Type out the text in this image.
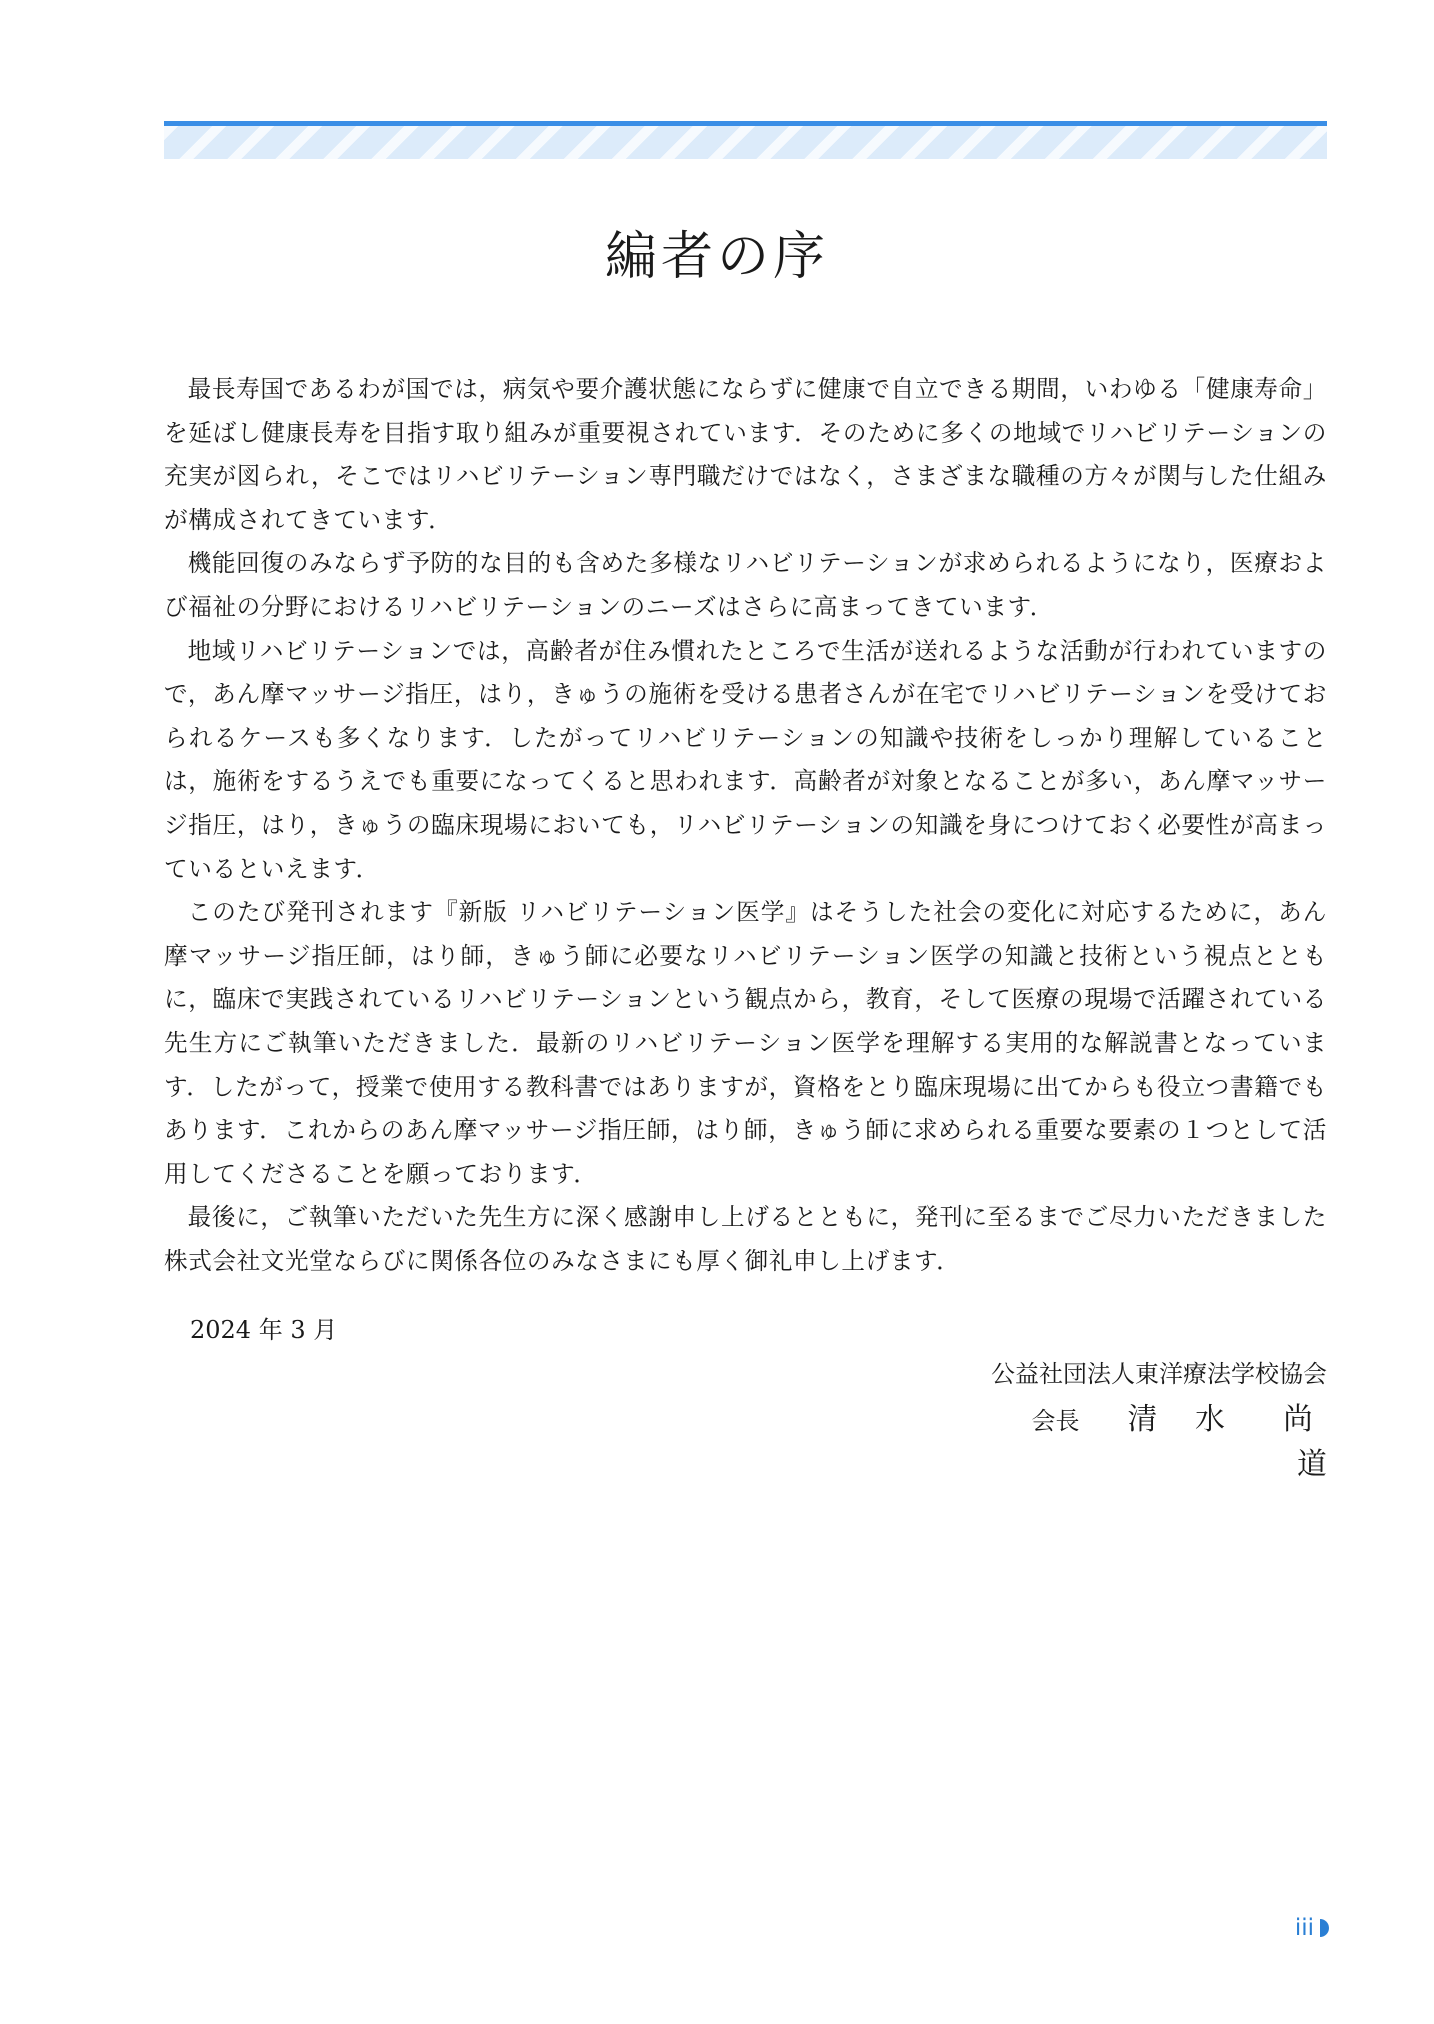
編者の序

最長寿国であるわが国では，病気や要介護状態にならずに健康で自立できる期間，いわゆる「健康寿命」を延ばし健康長寿を目指す取り組みが重要視されています．そのために多くの地域でリハビリテーションの充実が図られ，そこではリハビリテーション専門職だけではなく，さまざまな職種の方々が関与した仕組みが構成されてきています．

機能回復のみならず予防的な目的も含めた多様なリハビリテーションが求められるようになり，医療および福祉の分野におけるリハビリテーションのニーズはさらに高まってきています．

地域リハビリテーションでは，高齢者が住み慣れたところで生活が送れるような活動が行われていますので，あん摩マッサージ指圧，はり，きゅうの施術を受ける患者さんが在宅でリハビリテーションを受けておられるケースも多くなります．したがってリハビリテーションの知識や技術をしっかり理解していることは，施術をするうえでも重要になってくると思われます．高齢者が対象となることが多い，あん摩マッサージ指圧，はり，きゅうの臨床現場においても，リハビリテーションの知識を身につけておく必要性が高まっているといえます．

このたび発刊されます『新版 リハビリテーション医学』はそうした社会の変化に対応するために，あん摩マッサージ指圧師，はり師，きゅう師に必要なリハビリテーション医学の知識と技術という視点とともに，臨床で実践されているリハビリテーションという観点から，教育，そして医療の現場で活躍されている先生方にご執筆いただきました．最新のリハビリテーション医学を理解する実用的な解説書となっています．したがって，授業で使用する教科書ではありますが，資格をとり臨床現場に出てからも役立つ書籍でもあります．これからのあん摩マッサージ指圧師，はり師，きゅう師に求められる重要な要素の１つとして活用してくださることを願っております．

最後に，ご執筆いただいた先生方に深く感謝申し上げるとともに，発刊に至るまでご尽力いただきました株式会社文光堂ならびに関係各位のみなさまにも厚く御礼申し上げます．

2024 年 3 月
公益社団法人東洋療法学校協会
会長 清 水　尚 道
iii
